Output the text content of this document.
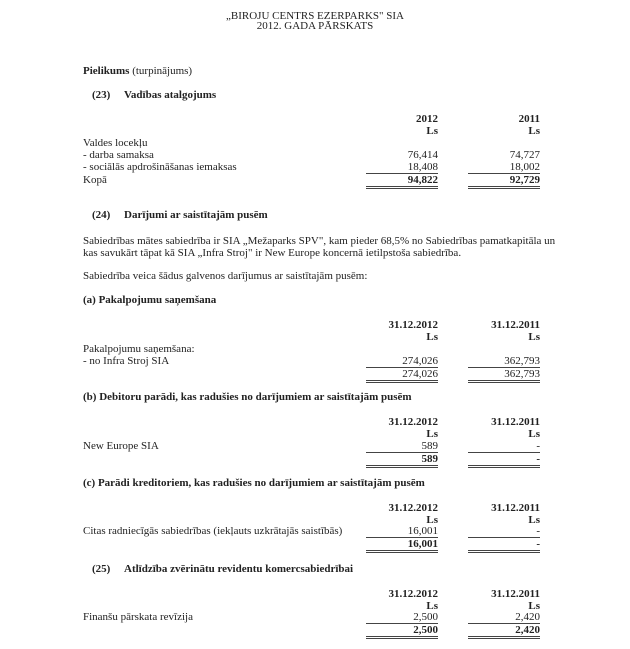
„BIROJU CENTRS EZERPARKS" SIA
2012. GADA PĀRSKATS
Pielikums (turpinājums)
(23) Vadības atalgojums
2012	2011
Ls	Ls
Valdes locekļu
- darba samaksa	76,414	74,727
- sociālās apdrošināšanas iemaksas	18,408	18,002
Kopā	94,822	92,729
(24) Darījumi ar saistītajām pusēm
Sabiedrības mātes sabiedrība ir SIA „Mežaparks SPV", kam pieder 68,5% no Sabiedrības pamatkapitāla un
kas savukārt tāpat kā SIA „Infra Stroj" ir New Europe koncernā ietilpstoša sabiedrība.
Sabiedrība veica šādus galvenos darījumus ar saistītajām pusēm:
(a) Pakalpojumu saņemšana
31.12.2012	31.12.2011
Ls	Ls
Pakalpojumu saņemšana:
- no Infra Stroj SIA	274,026	362,793
274,026	362,793
(b) Debitoru parādi, kas radušies no darījumiem ar saistītajām pusēm
31.12.2012	31.12.2011
Ls	Ls
New Europe SIA	589	-
589	-
(c) Parādi kreditoriem, kas radušies no darījumiem ar saistītajām pusēm
31.12.2012	31.12.2011
Ls	Ls
Citas radniecīgās sabiedrības (iekļauts uzkrātajās saistībās)	16,001	-
16,001	-
(25) Atlīdzība zvērinātu revidentu komercsabiedrībai
31.12.2012	31.12.2011
Ls	Ls
Finanšu pārskata revīzija	2,500	2,420
2,500	2,420
